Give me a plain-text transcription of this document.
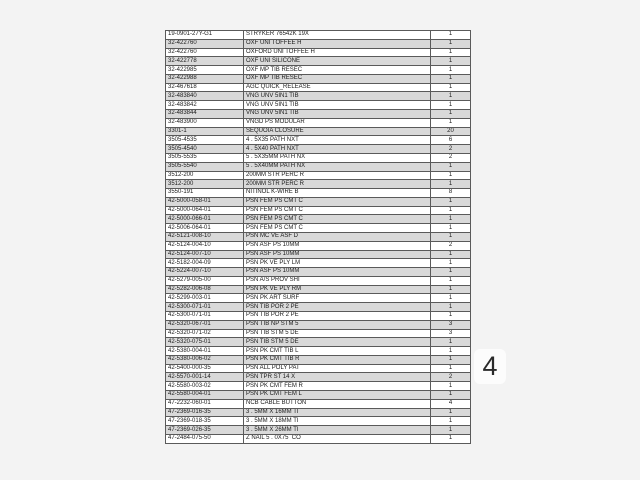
19-0901-27Y-G1	STRYKER 76542K 19X	1
32-422760	OXF UNI TOFFEE H	1
32-422760	OXFORD UNI TOFFEE H	1
32-422778	OXF UNI SILICONE	1
32-422985	OXF MP TIB RESEC	1
32-422988	OXF MP TIB RESEC	1
32-467618	AGC QUICK_RELEASE	1
32-483840	VNG UNV 5IN1 TIB	1
32-483842	VNG UNV 5IN1 TIB	1
32-483844	VNG UNV 5IN1 TIB	1
32-483900	VNGD PS MODULAR	1
3301-1	SEQUOIA CLOSURE	20
3505-4535	4 . 5X35 PATH NXT	6
3505-4540	4 . 5X40 PATH NXT	2
3505-5535	5 . 5X35MM PATH NX	2
3505-5540	5 . 5X40MM PATH NX	1
3512-200	200MM STR PERC R	1
3512-200	200MM STR PERC R	1
3550-191	NITINOL K-WIRE B	8
42-5000-058-01	PSN FEM PS CMT C	1
42-5000-064-01	PSN FEM PS CMT C	1
42-5000-066-01	PSN FEM PS CMT C	1
42-5006-064-01	PSN FEM PS CMT C	1
42-5121-008-10	PSN MC VE ASF D	1
42-5124-004-10	PSN ASF PS 10MM	2
42-5124-007-10	PSN ASF PS 10MM	1
42-5182-004-09	PSN PK VE PLY LM	1
42-5224-007-10	PSN ASF PS 10MM	1
42-5279-005-00	PSN A/S PROV SHI	1
42-5282-006-08	PSN PK VE PLY RM	1
42-5299-003-01	PSN PK ART SURF	1
42-5300-071-01	PSN TIB POR 2 PE	1
42-5300-071-01	PSN TIB POR 2 PE	1
42-5320-067-01	PSN TIB NP STM 5	3
42-5320-071-02	PSN TIB STM 5 DE	3
42-5320-075-01	PSN TIB STM 5 DE	1
42-5380-004-01	PSN PK CMT TIB L	1
42-5380-006-02	PSN PK CMT TIB R	1
42-5400-000-35	PSN ALL POLY PAT	1
42-5570-001-14	PSN TPR ST 14 X	2
42-5580-003-02	PSN PK CMT FEM R	1
42-5580-004-01	PSN PK CMT FEM L	1
47-2232-060-01	NCB CABLE BUTTON	4
47-2369-016-35	3 . 5MM X 16MM TI	1
47-2369-018-35	3 . 5MM X 18MM TI	1
47-2369-026-35	3 . 5MM X 26MM TI	1
47-2484-075-50	Z NAIL 5 . 0X75  CO	1
4
